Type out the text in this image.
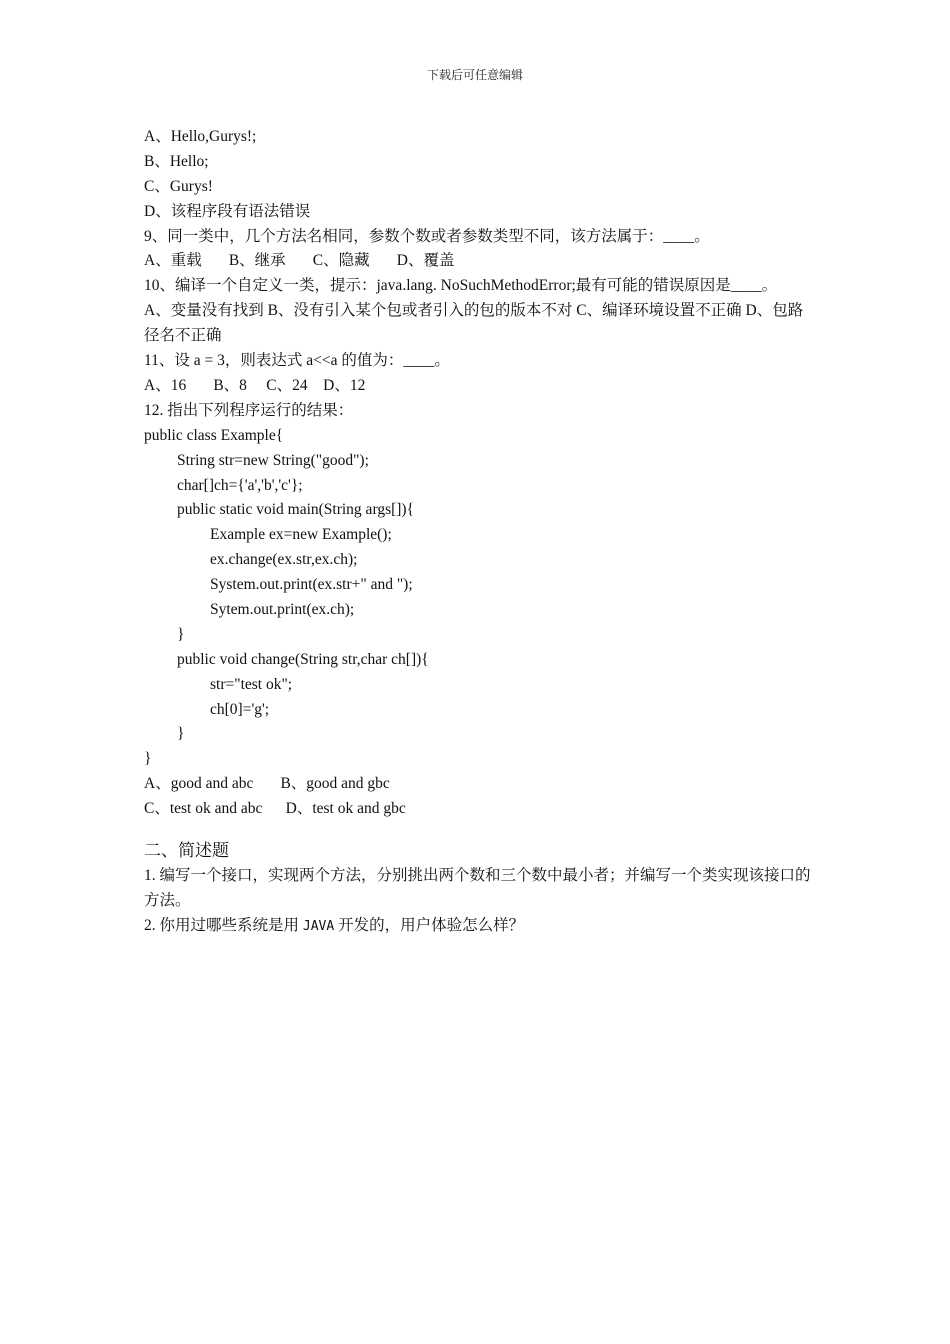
下载后可任意编辑
A、Hello,Gurys!;
B、Hello;
C、Gurys!
D、该程序段有语法错误
9、同一类中，几个方法名相同，参数个数或者参数类型不同，该方法属于：____。
A、重载       B、继承       C、隐藏       D、覆盖
10、编译一个自定义一类，提示：java.lang. NoSuchMethodError;最有可能的错误原因是____。
A、变量没有找到 B、没有引入某个包或者引入的包的版本不对 C、编译环境设置不正确 D、包路径名不正确
11、设 a = 3，则表达式 a<<a 的值为：____。
A、16       B、8     C、24    D、12
12. 指出下列程序运行的结果：
public class Example{
String str=new String("good");
char[]ch={'a','b','c'};
public static void main(String args[]){
Example ex=new Example();
ex.change(ex.str,ex.ch);
System.out.print(ex.str+" and ");
Sytem.out.print(ex.ch);
}
public void change(String str,char ch[]){
str="test ok";
ch[0]='g';
}
}
A、good and abc       B、good and gbc
C、test ok and abc      D、test ok and gbc
二、简述题
1. 编写一个接口，实现两个方法，分别挑出两个数和三个数中最小者；并编写一个类实现该接口的方法。
2. 你用过哪些系统是用 JAVA 开发的，用户体验怎么样？
